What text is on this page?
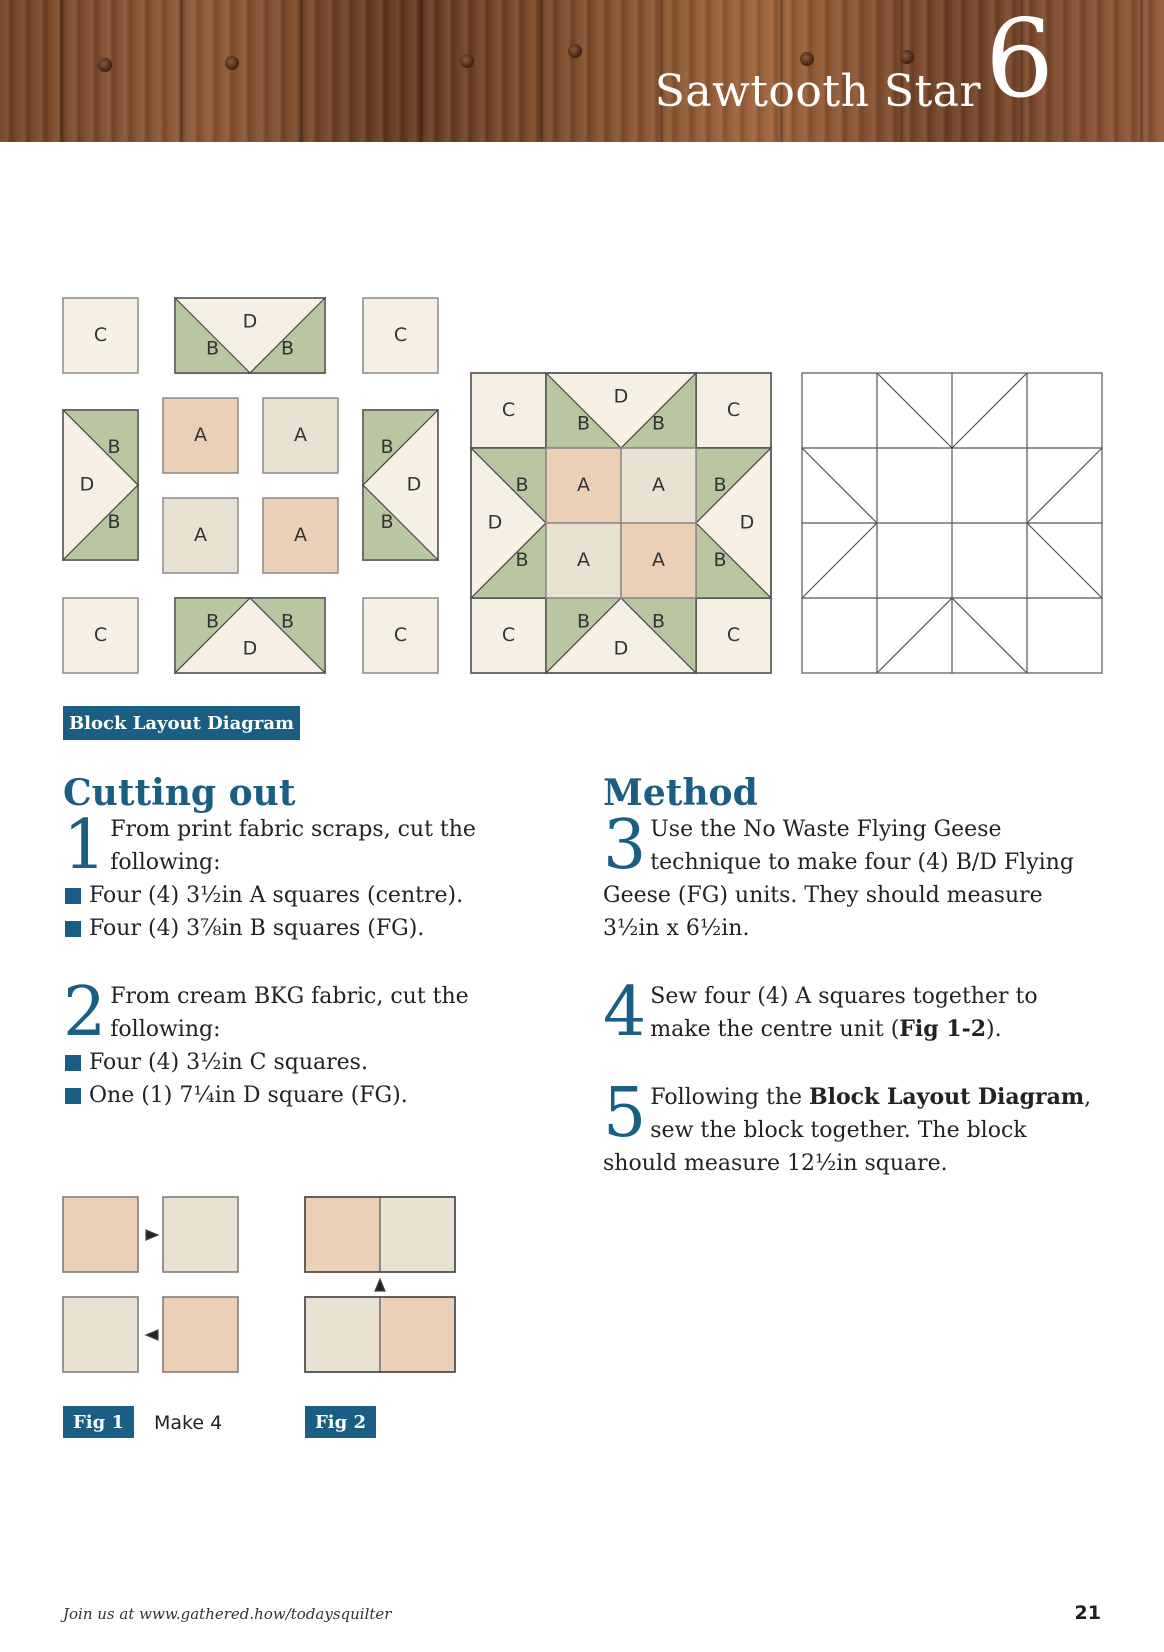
Sawtooth Star 6
C	C
C	C
D
B	B
D
B	B
D
B
B
D
B
B
A	A
A	A
C	C
C	C
D
B	B
D
B	B
D
B
B
D
B
B
A	A
A	A
Block Layout Diagram
Cutting out
1 From print fabric scraps, cut the following:
Four (4) 3½in A squares (centre).
Four (4) 3⅞in B squares (FG).
2 From cream BKG fabric, cut the following:
Four (4) 3½in C squares.
One (1) 7¼in D square (FG).
Method
3 Use the No Waste Flying Geese technique to make four (4) B/D Flying Geese (FG) units. They should measure 3½in x 6½in.
4 Sew four (4) A squares together to make the centre unit (Fig 1-2).
5 Following the Block Layout Diagram, sew the block together. The block should measure 12½in square.
Fig 1	Make 4	Fig 2
Join us at www.gathered.how/todaysquilter	21
